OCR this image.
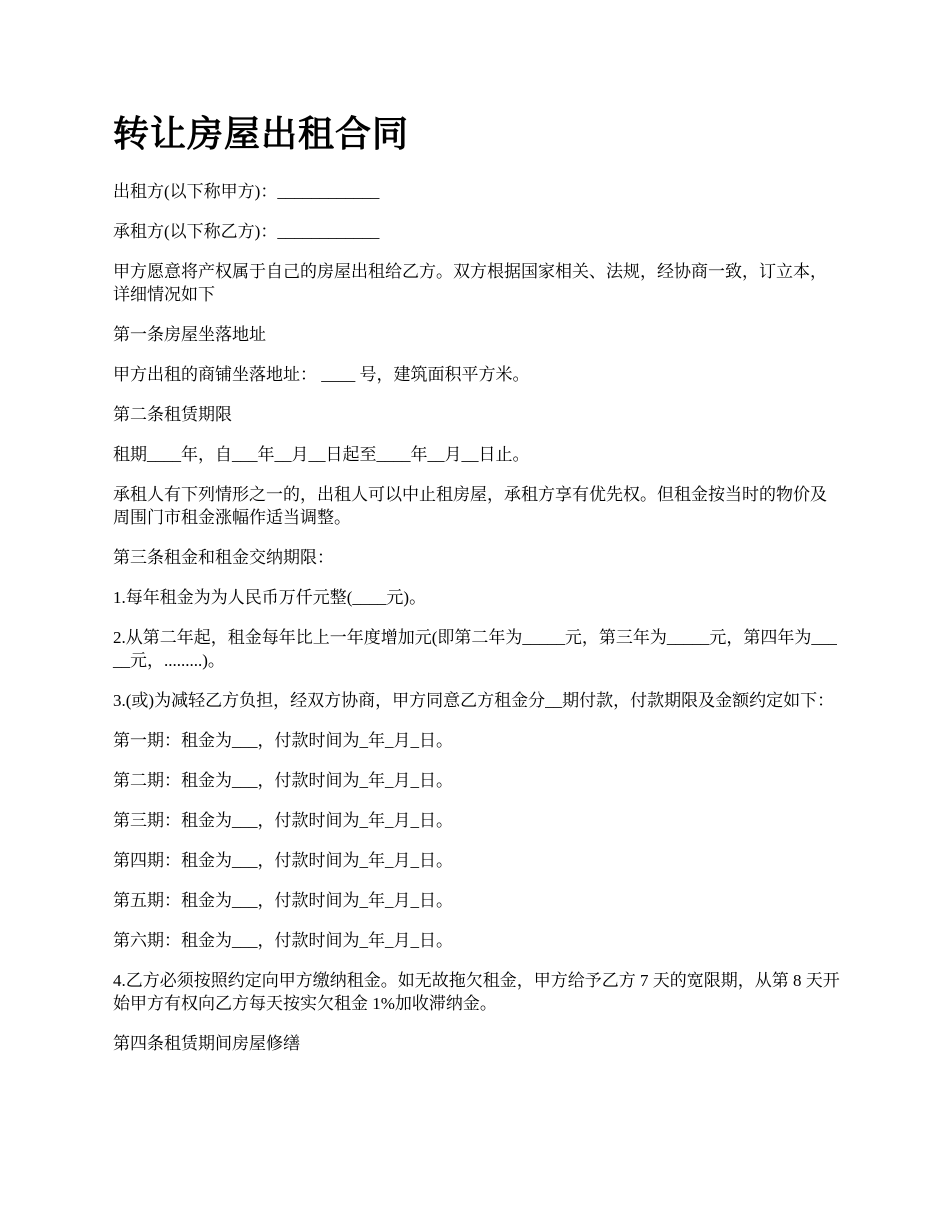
转让房屋出租合同

出租方(以下称甲方)：____________

承租方(以下称乙方)：____________

甲方愿意将产权属于自己的房屋出租给乙方。双方根据国家相关、法规，经协商一致，订立本，详细情况如下

第一条房屋坐落地址

甲方出租的商铺坐落地址： ____ 号，建筑面积平方米。

第二条租赁期限

租期____年，自___年__月__日起至____年__月__日止。

承租人有下列情形之一的，出租人可以中止租房屋，承租方享有优先权。但租金按当时的物价及周围门市租金涨幅作适当调整。

第三条租金和租金交纳期限：

1.每年租金为为人民币万仟元整(____元)。

2.从第二年起，租金每年比上一年度增加元(即第二年为_____元，第三年为_____元，第四年为_____元，.........)。

3.(或)为减轻乙方负担，经双方协商，甲方同意乙方租金分__期付款，付款期限及金额约定如下：

第一期：租金为___，付款时间为_年_月_日。

第二期：租金为___，付款时间为_年_月_日。

第三期：租金为___，付款时间为_年_月_日。

第四期：租金为___，付款时间为_年_月_日。

第五期：租金为___，付款时间为_年_月_日。

第六期：租金为___，付款时间为_年_月_日。

4.乙方必须按照约定向甲方缴纳租金。如无故拖欠租金，甲方给予乙方 7 天的宽限期，从第 8 天开始甲方有权向乙方每天按实欠租金 1%加收滞纳金。

第四条租赁期间房屋修缮
